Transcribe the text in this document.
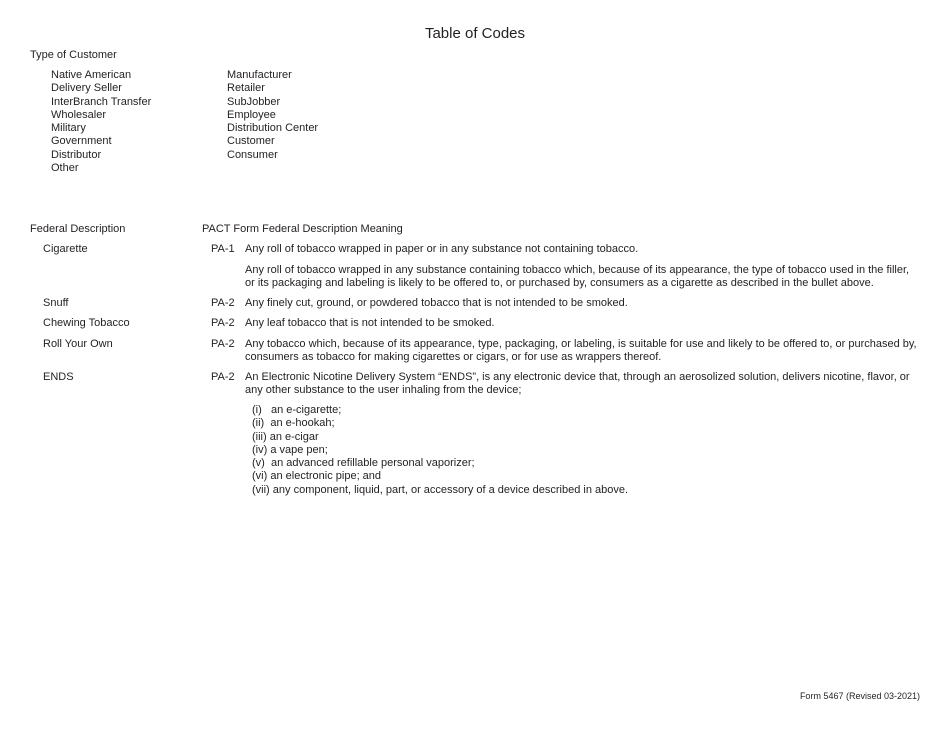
Table of Codes
Type of Customer
Native American
Delivery Seller
InterBranch Transfer
Wholesaler
Military
Government
Distributor
Other
Manufacturer
Retailer
SubJobber
Employee
Distribution Center
Customer
Consumer
Federal Description	PACT Form Federal Description Meaning
Cigarette	PA-1 Any roll of tobacco wrapped in paper or in any substance not containing tobacco.
Any roll of tobacco wrapped in any substance containing tobacco which, because of its appearance, the type of tobacco used in the filler, or its packaging and labeling is likely to be offered to, or purchased by, consumers as a cigarette as described in the bullet above.
Snuff	PA-2 Any finely cut, ground, or powdered tobacco that is not intended to be smoked.
Chewing Tobacco	PA-2 Any leaf tobacco that is not intended to be smoked.
Roll Your Own	PA-2 Any tobacco which, because of its appearance, type, packaging, or labeling, is suitable for use and likely to be offered to, or purchased by, consumers as tobacco for making cigarettes or cigars, or for use as wrappers thereof.
ENDS	PA-2 An Electronic Nicotine Delivery System “ENDS”, is any electronic device that, through an aerosolized solution, delivers nicotine, flavor, or any other substance to the user inhaling from the device;
(i) an e-cigarette;
(ii) an e-hookah;
(iii) an e-cigar
(iv) a vape pen;
(v) an advanced refillable personal vaporizer;
(vi) an electronic pipe; and
(vii) any component, liquid, part, or accessory of a device described in above.
Form 5467 (Revised 03-2021)
